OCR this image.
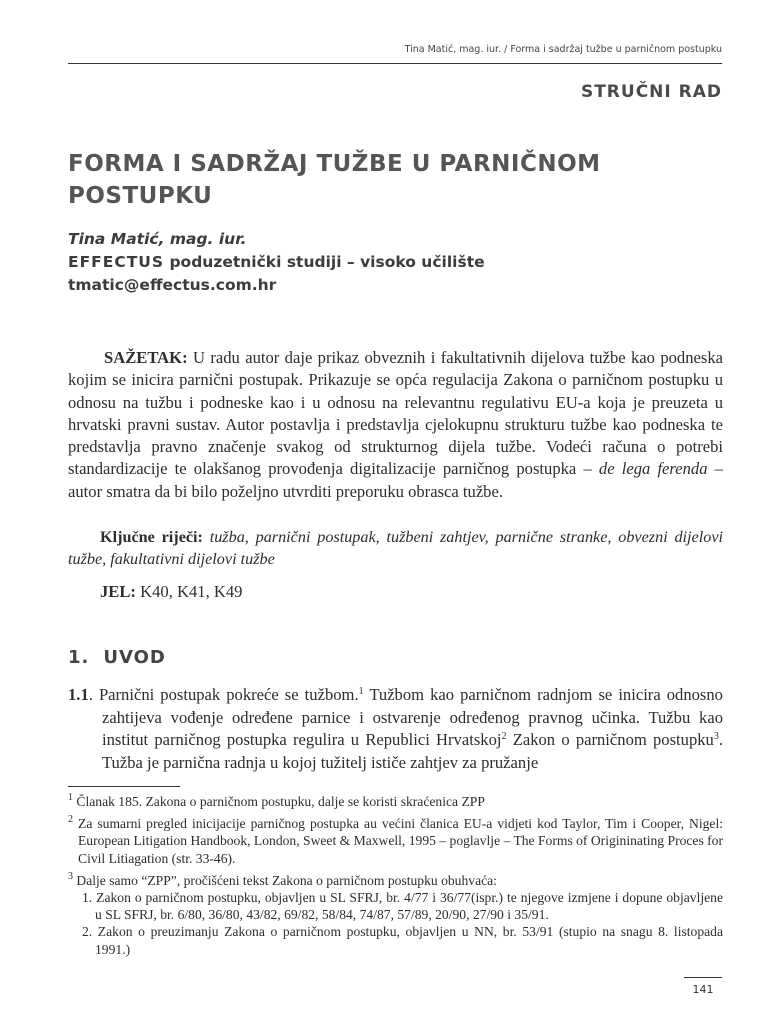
Tina Matić, mag. iur. / Forma i sadržaj tužbe u parničnom postupku
STRUČNI RAD
FORMA I SADRŽAJ TUŽBE U PARNIČNOM POSTUPKU
Tina Matić, mag. iur.
EFFECTUS poduzetnički studiji – visoko učilište
tmatic@effectus.com.hr

SAŽETAK: U radu autor daje prikaz obveznih i fakultativnih dijelova tužbe kao podneska kojim se inicira parnični postupak. Prikazuje se opća regulacija Zakona o parničnom postupku u odnosu na tužbu i podneske kao i u odnosu na relevantnu regulativu EU-a koja je preuzeta u hrvatski pravni sustav. Autor postavlja i predstavlja cjelokupnu strukturu tužbe kao podneska te predstavlja pravno značenje svakog od strukturnog dijela tužbe. Vodeći računa o potrebi standardizacije te olakšanog provođenja digitalizacije parničnog postupka – de lega ferenda – autor smatra da bi bilo poželjno utvrditi preporuku obrasca tužbe.

Ključne riječi: tužba, parnični postupak, tužbeni zahtjev, parnične stranke, obvezni dijelovi tužbe, fakultativni dijelovi tužbe
JEL: K40, K41, K49
1. UVOD
1.1. Parnični postupak pokreće se tužbom.$^1$ Tužbom kao parničnom radnjom se inicira odnosno zahtijeva vođenje određene parnice i ostvarenje određenog pravnog učinka. Tužbu kao institut parničnog postupka regulira u Republici Hrvatskoj$^2$ Zakon o parničnom postupku$^3$. Tužba je parnična radnja u kojoj tužitelj ističe zahtjev za pružanje

$^1$ Članak 185. Zakona o parničnom postupku, dalje se koristi skraćenica ZPP

$^2$ Za sumarni pregled inicijacije parničnog postupka au većini članica EU-a vidjeti kod Taylor, Tim i Cooper, Nigel: European Litigation Handbook, London, Sweet & Maxwell, 1995 – poglavlje – The Forms of Origininating Proces for Civil Litiagation (str. 33-46).

$^3$ Dalje samo “ZPP”, pročišćeni tekst Zakona o parničnom postupku obuhvaća:

1. Zakon o parničnom postupku, objavljen u SL SFRJ, br. 4/77 i 36/77(ispr.) te njegove izmjene i dopune objavljene u SL SFRJ, br. 6/80, 36/80, 43/82, 69/82, 58/84, 74/87, 57/89, 20/90, 27/90 i 35/91.
2. Zakon o preuzimanju Zakona o parničnom postupku, objavljen u NN, br. 53/91 (stupio na snagu 8. listopada 1991.)
141
